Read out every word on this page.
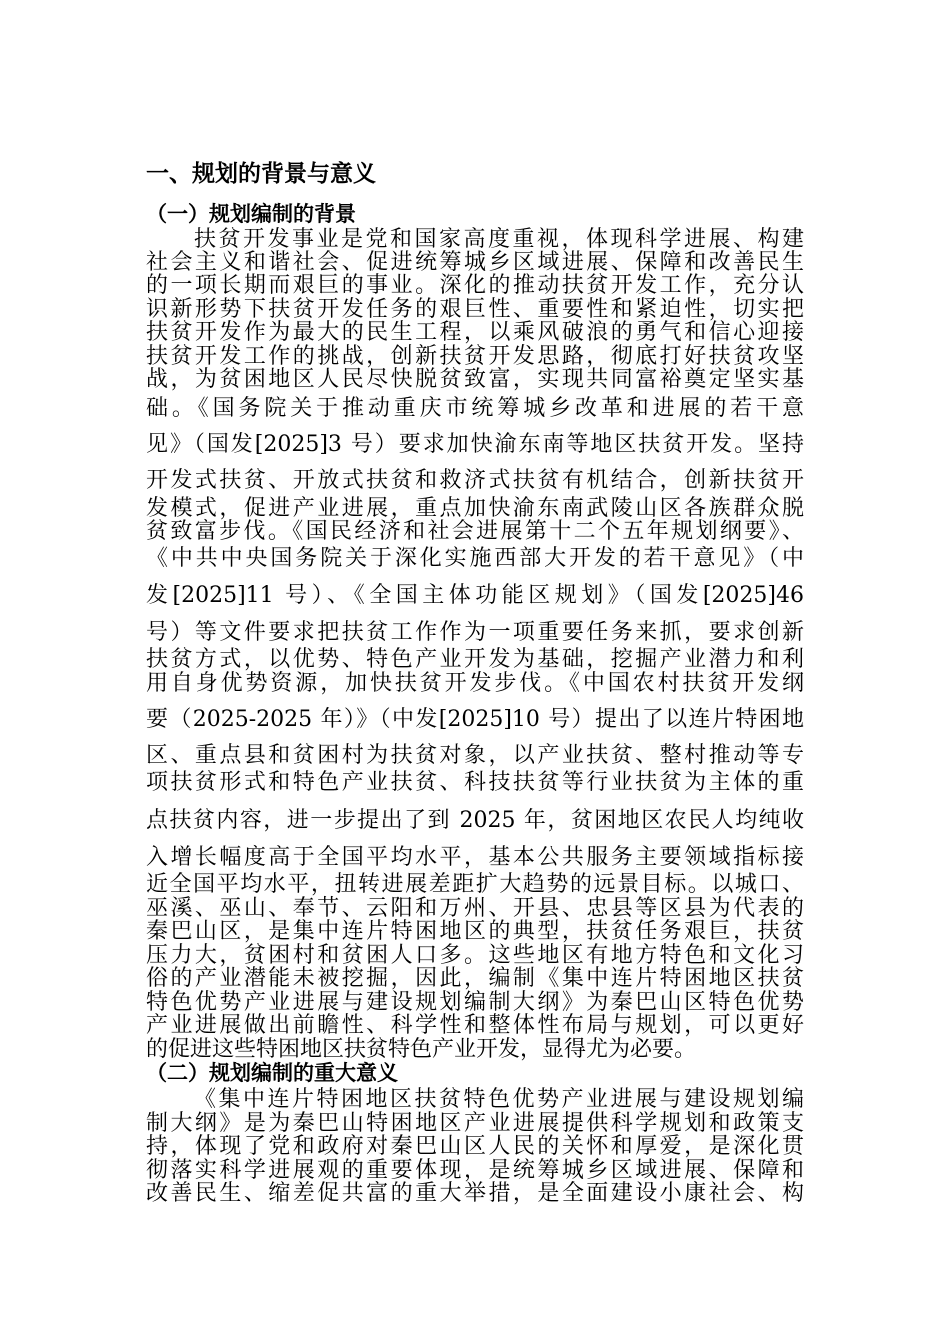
一、规划的背景与意义
（一）规划编制的背景
扶贫开发事业是党和国家高度重视，体现科学进展、构建
社会主义和谐社会、促进统筹城乡区域进展、保障和改善民生
的一项长期而艰巨的事业。深化的推动扶贫开发工作，充分认
识新形势下扶贫开发任务的艰巨性、重要性和紧迫性，切实把
扶贫开发作为最大的民生工程，以乘风破浪的勇气和信心迎接
扶贫开发工作的挑战，创新扶贫开发思路，彻底打好扶贫攻坚
战，为贫困地区人民尽快脱贫致富，实现共同富裕奠定坚实基
础。《国务院关于推动重庆市统筹城乡改革和进展的若干意
见》（国发[2025]3 号）要求加快渝东南等地区扶贫开发。坚持
开发式扶贫、开放式扶贫和救济式扶贫有机结合，创新扶贫开
发模式，促进产业进展，重点加快渝东南武陵山区各族群众脱
贫致富步伐。《国民经济和社会进展第十二个五年规划纲要》、
《中共中央国务院关于深化实施西部大开发的若干意见》（中
发[2025]11 号）、《全国主体功能区规划》（国发[2025]46
号）等文件要求把扶贫工作作为一项重要任务来抓，要求创新
扶贫方式，以优势、特色产业开发为基础，挖掘产业潜力和利
用自身优势资源，加快扶贫开发步伐。《中国农村扶贫开发纲
要（2025-2025 年）》（中发[2025]10 号）提出了以连片特困地
区、重点县和贫困村为扶贫对象，以产业扶贫、整村推动等专
项扶贫形式和特色产业扶贫、科技扶贫等行业扶贫为主体的重
点扶贫内容，进一步提出了到 2025 年，贫困地区农民人均纯收
入增长幅度高于全国平均水平，基本公共服务主要领域指标接
近全国平均水平，扭转进展差距扩大趋势的远景目标。以城口、
巫溪、巫山、奉节、云阳和万州、开县、忠县等区县为代表的
秦巴山区，是集中连片特困地区的典型，扶贫任务艰巨，扶贫
压力大，贫困村和贫困人口多。这些地区有地方特色和文化习
俗的产业潜能未被挖掘，因此，编制《集中连片特困地区扶贫
特色优势产业进展与建设规划编制大纲》为秦巴山区特色优势
产业进展做出前瞻性、科学性和整体性布局与规划，可以更好
的促进这些特困地区扶贫特色产业开发，显得尤为必要。
（二）规划编制的重大意义
《集中连片特困地区扶贫特色优势产业进展与建设规划编
制大纲》是为秦巴山特困地区产业进展提供科学规划和政策支
持，体现了党和政府对秦巴山区人民的关怀和厚爱，是深化贯
彻落实科学进展观的重要体现，是统筹城乡区域进展、保障和
改善民生、缩差促共富的重大举措，是全面建设小康社会、构
